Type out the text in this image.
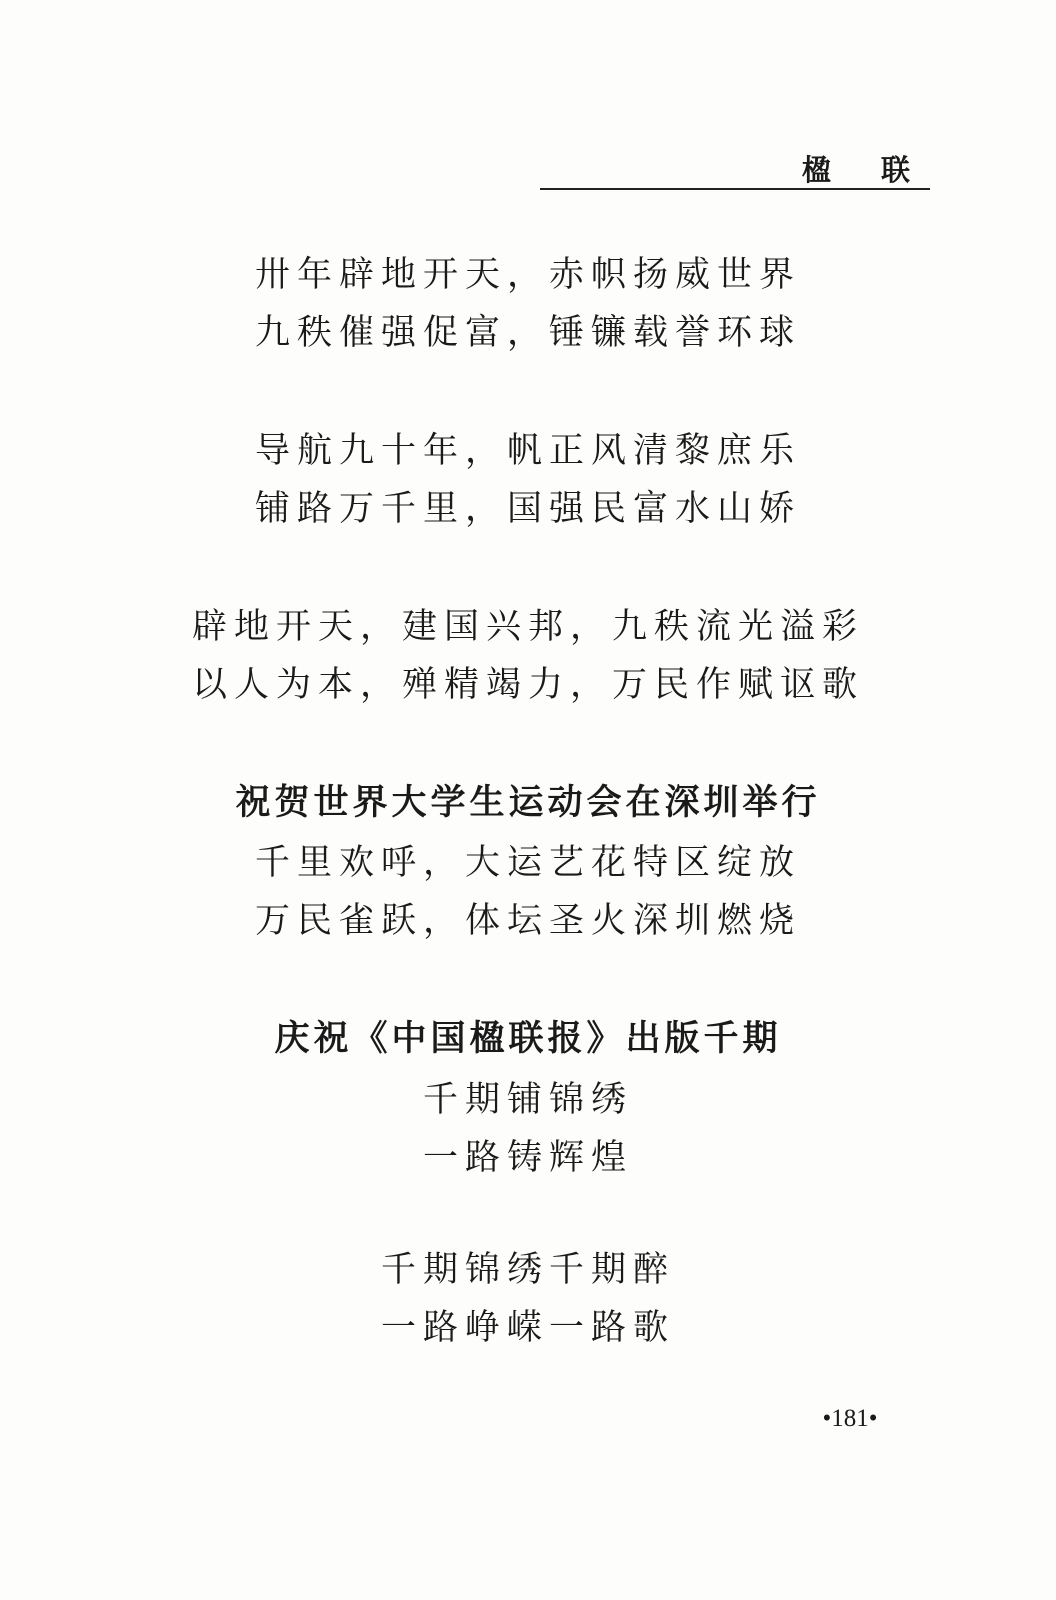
楹 联
卅年辟地开天，赤帜扬威世界
九秩催强促富，锤镰载誉环球
导航九十年，帆正风清黎庶乐
铺路万千里，国强民富水山娇
辟地开天，建国兴邦，九秩流光溢彩
以人为本，殚精竭力，万民作赋讴歌
祝贺世界大学生运动会在深圳举行
千里欢呼，大运艺花特区绽放
万民雀跃，体坛圣火深圳燃烧
庆祝《中国楹联报》出版千期
千期铺锦绣
一路铸辉煌
千期锦绣千期醉
一路峥嵘一路歌
•181•
